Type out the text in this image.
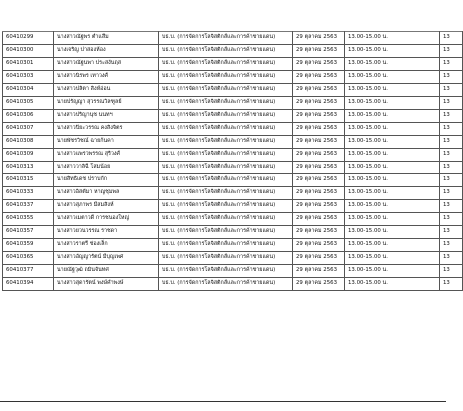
60410299	นางสาวณัฐพร ตำแสีม	บธ.บ. (การจัดการโลจิสติกส์และการค้าชายแดน)	29 ตุลาคม 2563	13.00-15.00 น.	13
60410300	นางเจริญ ปาสองห้อง	บธ.บ. (การจัดการโลจิสติกส์และการค้าชายแดน)	29 ตุลาคม 2563	13.00-15.00 น.	13
60410301	นางสาวณัฐนพา ประสงันฤส	บธ.บ. (การจัดการโลจิสติกส์และการค้าชายแดน)	29 ตุลาคม 2563	13.00-15.00 น.	13
60410303	นางสาวนิรพร เทาวงศ์	บธ.บ. (การจัดการโลจิสติกส์และการค้าชายแดน)	29 ตุลาคม 2563	13.00-15.00 น.	13
60410304	นางสาวปลิตา สิงห์อ่อน	บธ.บ. (การจัดการโลจิสติกส์และการค้าชายแดน)	29 ตุลาคม 2563	13.00-15.00 น.	13
60410305	นายปรัญญา สุวรรณวิลฑูลย์	บธ.บ. (การจัดการโลจิสติกส์และการค้าชายแดน)	29 ตุลาคม 2563	13.00-15.00 น.	13
60410306	นางสาวปริญานุช นนทฯ	บธ.บ. (การจัดการโลจิสติกส์และการค้าชายแดน)	29 ตุลาคม 2563	13.00-15.00 น.	13
60410307	นางสาวปิยะวรรณ คงสิงจิตร	บธ.บ. (การจัดการโลจิสติกส์และการค้าชายแดน)	29 ตุลาคม 2563	13.00-15.00 น.	13
60410308	นายพัชรวิชณ์ ฉายก้นคา	บธ.บ. (การจัดการโลจิสติกส์และการค้าชายแดน)	29 ตุลาคม 2563	13.00-15.00 น.	13
60410309	นางสาวแพรวพรรณ สุริวงศ์	บธ.บ. (การจัดการโลจิสติกส์และการค้าชายแดน)	29 ตุลาคม 2563	13.00-15.00 น.	13
60410313	นางสาววาลิฉี โสมน้อย	บธ.บ. (การจัดการโลจิสติกส์และการค้าชายแดน)	29 ตุลาคม 2563	13.00-15.00 น.	13
60410315	นายสิทธิเดช ปราบกัก	บธ.บ. (การจัดการโลจิสติกส์และการค้าชายแดน)	29 ตุลาคม 2563	13.00-15.00 น.	13
60410333	นางสาวอิสตัมา หาญชุมพล	บธ.บ. (การจัดการโลจิสติกส์และการค้าชายแดน)	29 ตุลาคม 2563	13.00-15.00 น.	13
60410337	นางสาวสุภาพร มีสมสิงห์	บธ.บ. (การจัดการโลจิสติกส์และการค้าชายแดน)	29 ตุลาคม 2563	13.00-15.00 น.	13
60410355	นางสาวเมตาวดี การชนองใหญ่	บธ.บ. (การจัดการโลจิสติกส์และการค้าชายแดน)	29 ตุลาคม 2563	13.00-15.00 น.	13
60410357	นางสาวยวนวรรณ ราชดา	บธ.บ. (การจัดการโลจิสติกส์และการค้าชายแดน)	29 ตุลาคม 2563	13.00-15.00 น.	13
60410359	นางสาวราตรี ช่องเล็ก	บธ.บ. (การจัดการโลจิสติกส์และการค้าชายแดน)	29 ตุลาคม 2563	13.00-15.00 น.	13
60410365	นางสาวอัญญารัตน์ มีบุญเพศ	บธ.บ. (การจัดการโลจิสติกส์และการค้าชายแดน)	29 ตุลาคม 2563	13.00-15.00 น.	13
60410377	นายณัฐวุฒิ ถมินจันทศ	บธ.บ. (การจัดการโลจิสติกส์และการค้าชายแดน)	29 ตุลาคม 2563	13.00-15.00 น.	13
60410394	นางสาวสุดารัตน์ พงษ์คำพงษ์	บธ.บ. (การจัดการโลจิสติกส์และการค้าชายแดน)	29 ตุลาคม 2563	13.00-15.00 น.	13
